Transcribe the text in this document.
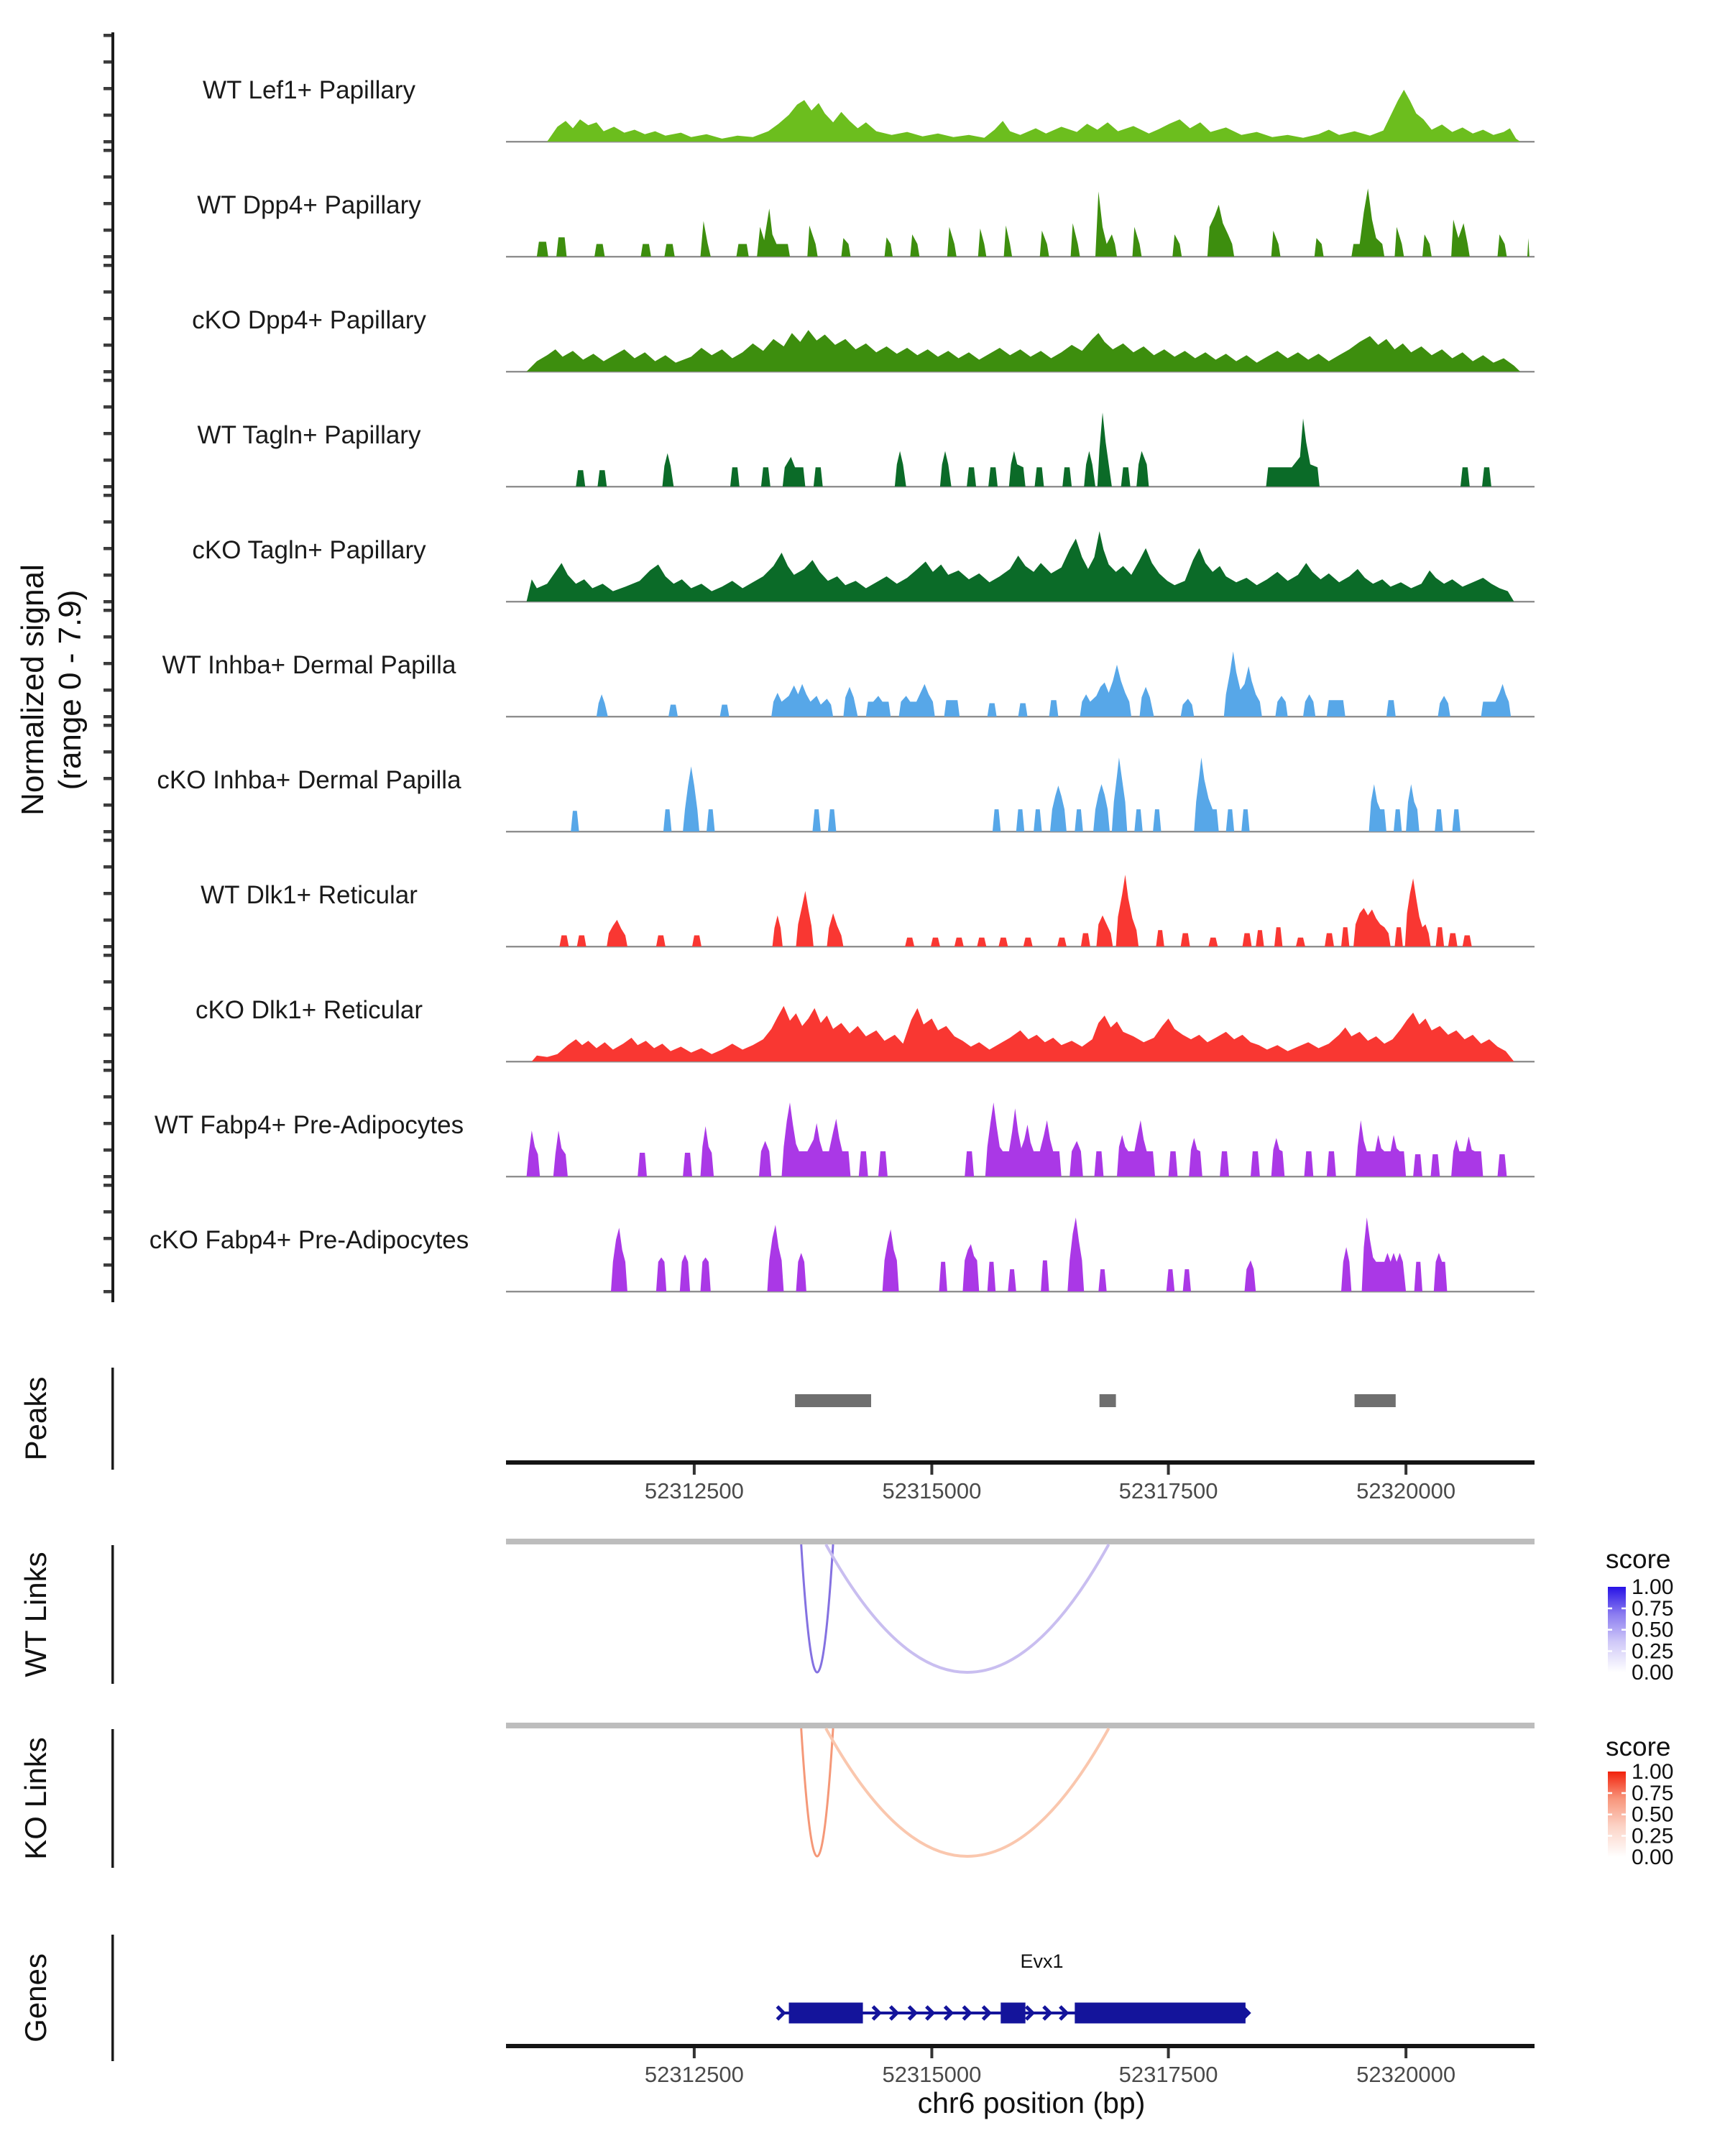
Normalized signal (range 0 - 7.9)
WT Lef1+ Papillary
WT Dpp4+ Papillary
cKO Dpp4+ Papillary
WT Tagln+ Papillary
cKO Tagln+ Papillary
WT Inhba+ Dermal Papilla
cKO Inhba+ Dermal Papilla
WT Dlk1+ Reticular
cKO Dlk1+ Reticular
WT Fabp4+ Pre-Adipocytes
cKO Fabp4+ Pre-Adipocytes
Peaks
52312500	52315000	52317500	52320000
WT Links	score
1.00
0.75
0.50
0.25
0.00
KO Links	score
1.00
0.75
0.50
0.25
0.00
Genes	Evx1
52312500	52315000	52317500	52320000
chr6 position (bp)
